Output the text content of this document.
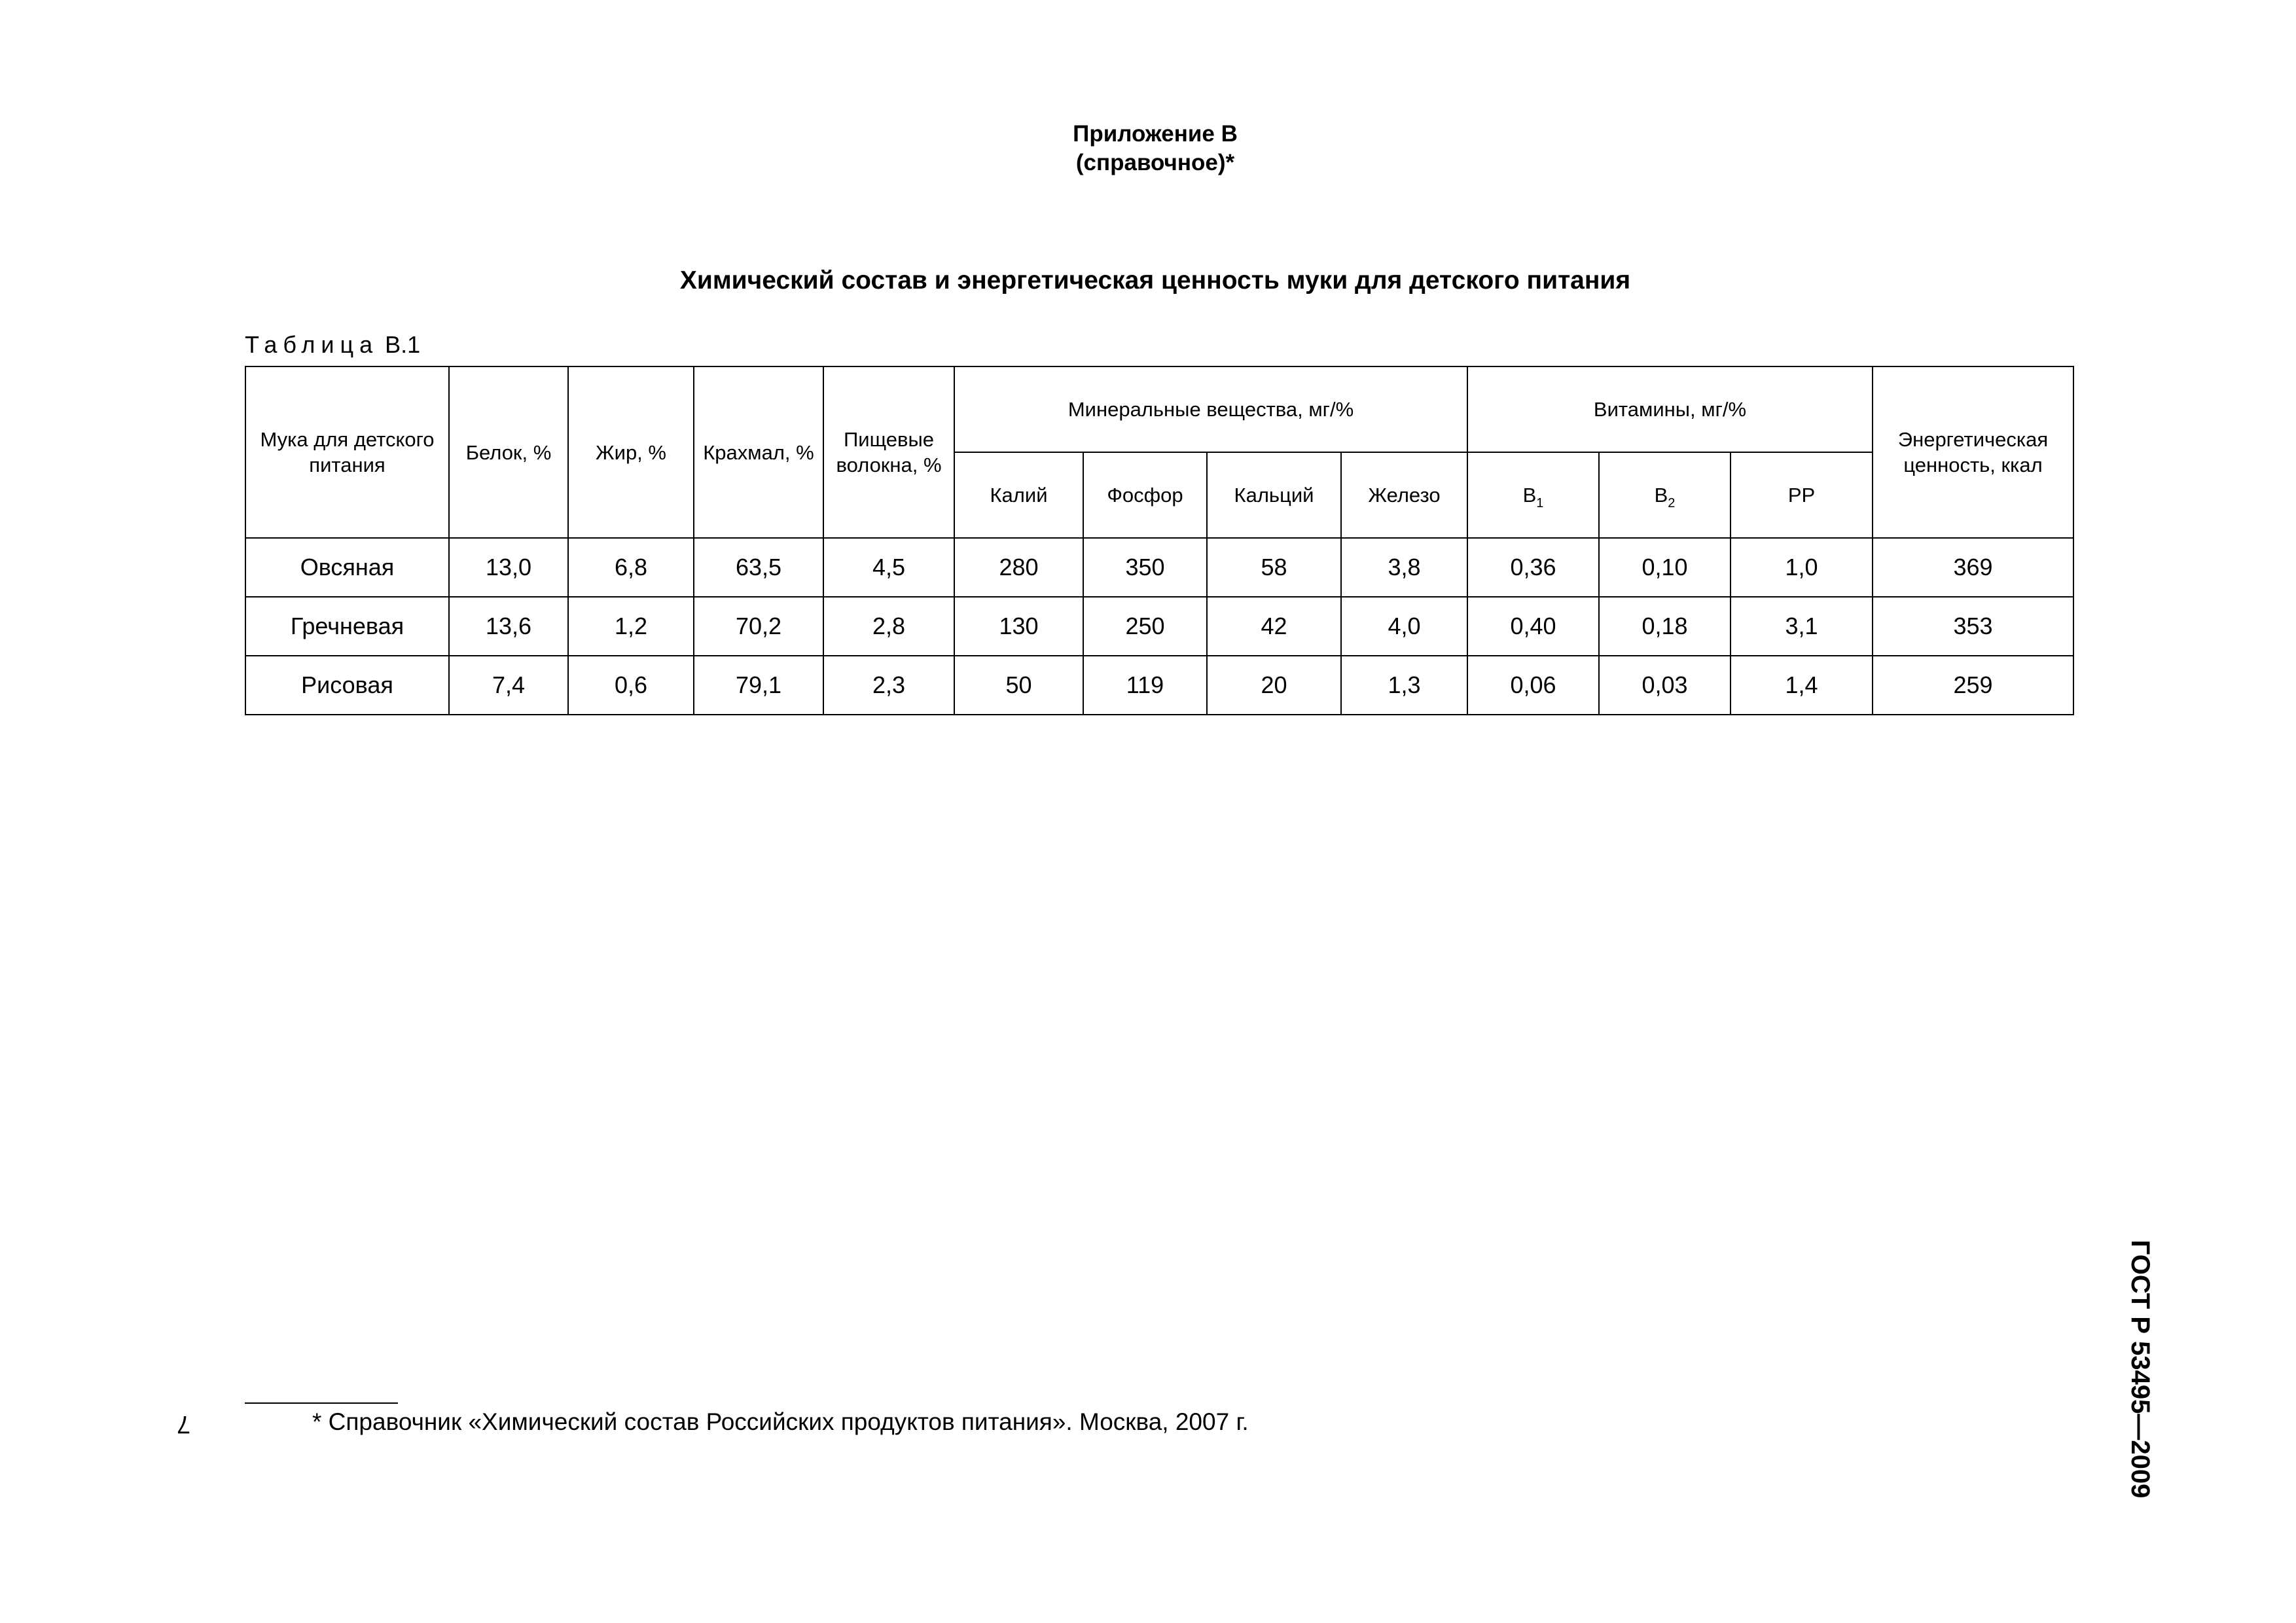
Приложение В
(справочное)*
Химический состав и энергетическая ценность муки для детского питания
Таблица В.1
Мука для детского питания	Белок, %	Жир, %	Крахмал, %	Пищевые волокна, %	Минеральные вещества, мг/%				Витамины, мг/%			Энергетическая ценность, ккал
					Калий	Фосфор	Кальций	Железо	$B_1$	$B_2$	PP	
Овсяная	13,0	6,8	63,5	4,5	280	350	58	3,8	0,36	0,10	1,0	369
Гречневая	13,6	1,2	70,2	2,8	130	250	42	4,0	0,40	0,18	3,1	353
Рисовая	7,4	0,6	79,1	2,3	50	119	20	1,3	0,06	0,03	1,4	259
* Справочник «Химический состав Российских продуктов питания». Москва, 2007 г.
7	ГОСТ Р 53495—2009
